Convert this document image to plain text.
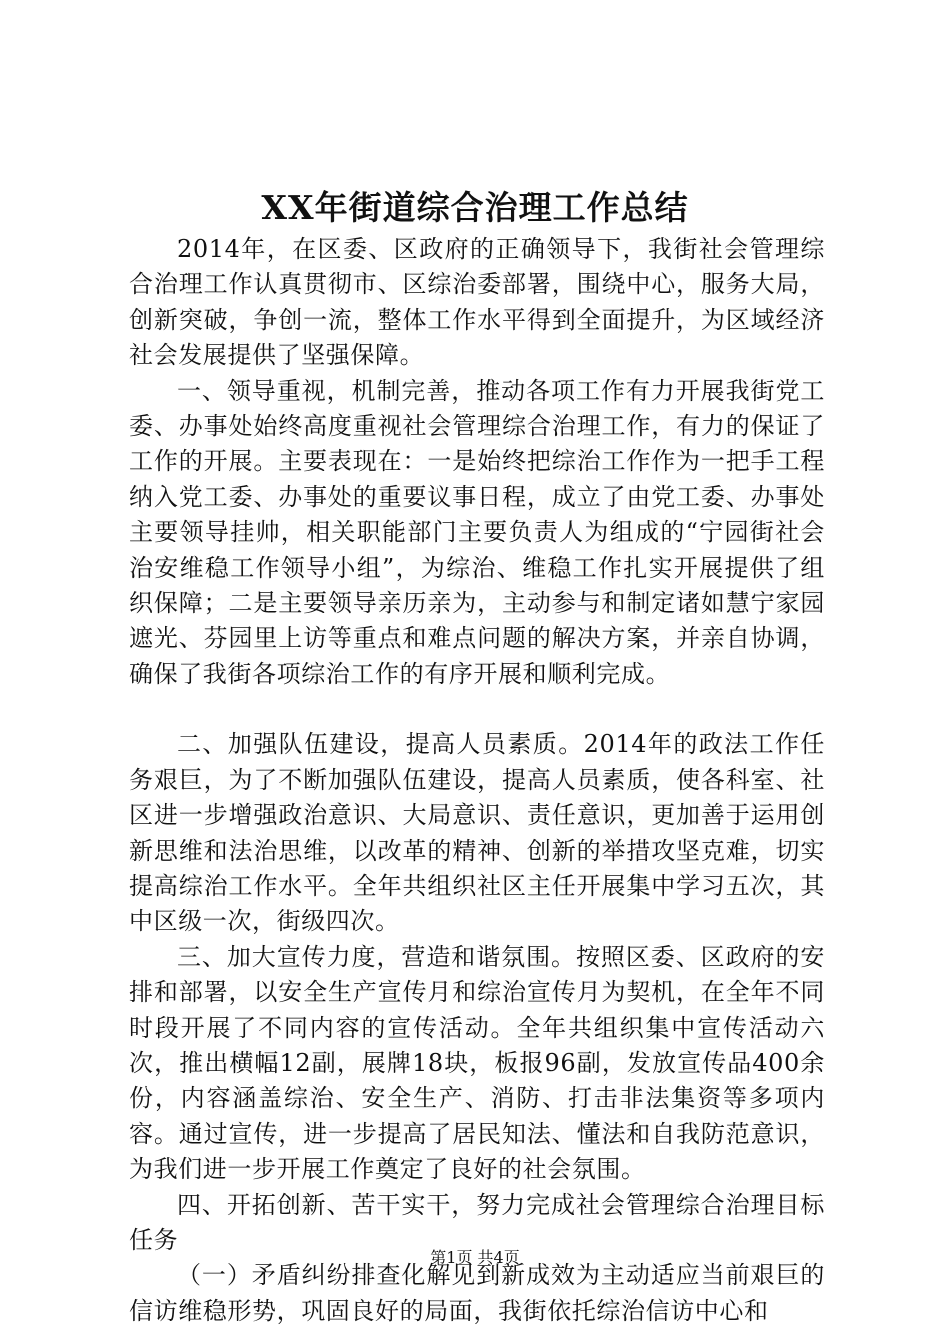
XX年街道综合治理工作总结

2014年，在区委、区政府的正确领导下，我街社会管理综合治理工作认真贯彻市、区综治委部署，围绕中心，服务大局，创新突破，争创一流，整体工作水平得到全面提升，为区域经济社会发展提供了坚强保障。

一、领导重视，机制完善，推动各项工作有力开展我街党工委、办事处始终高度重视社会管理综合治理工作，有力的保证了工作的开展。主要表现在：一是始终把综治工作作为一把手工程纳入党工委、办事处的重要议事日程，成立了由党工委、办事处主要领导挂帅，相关职能部门主要负责人为组成的“宁园街社会治安维稳工作领导小组”，为综治、维稳工作扎实开展提供了组织保障；二是主要领导亲历亲为，主动参与和制定诸如慧宁家园遮光、芬园里上访等重点和难点问题的解决方案，并亲自协调，确保了我街各项综治工作的有序开展和顺利完成。

二、加强队伍建设，提高人员素质。2014年的政法工作任务艰巨，为了不断加强队伍建设，提高人员素质，使各科室、社区进一步增强政治意识、大局意识、责任意识，更加善于运用创新思维和法治思维，以改革的精神、创新的举措攻坚克难，切实提高综治工作水平。全年共组织社区主任开展集中学习五次，其中区级一次，街级四次。

三、加大宣传力度，营造和谐氛围。按照区委、区政府的安排和部署，以安全生产宣传月和综治宣传月为契机，在全年不同时段开展了不同内容的宣传活动。全年共组织集中宣传活动六次，推出横幅12副，展牌18块，板报96副，发放宣传品400余份，内容涵盖综治、安全生产、消防、打击非法集资等多项内容。通过宣传，进一步提高了居民知法、懂法和自我防范意识，为我们进一步开展工作奠定了良好的社会氛围。

四、开拓创新、苦干实干，努力完成社会管理综合治理目标任务

（一）矛盾纠纷排查化解见到新成效为主动适应当前艰巨的信访维稳形势，巩固良好的局面，我街依托综治信访中心和

第1页 共4页
